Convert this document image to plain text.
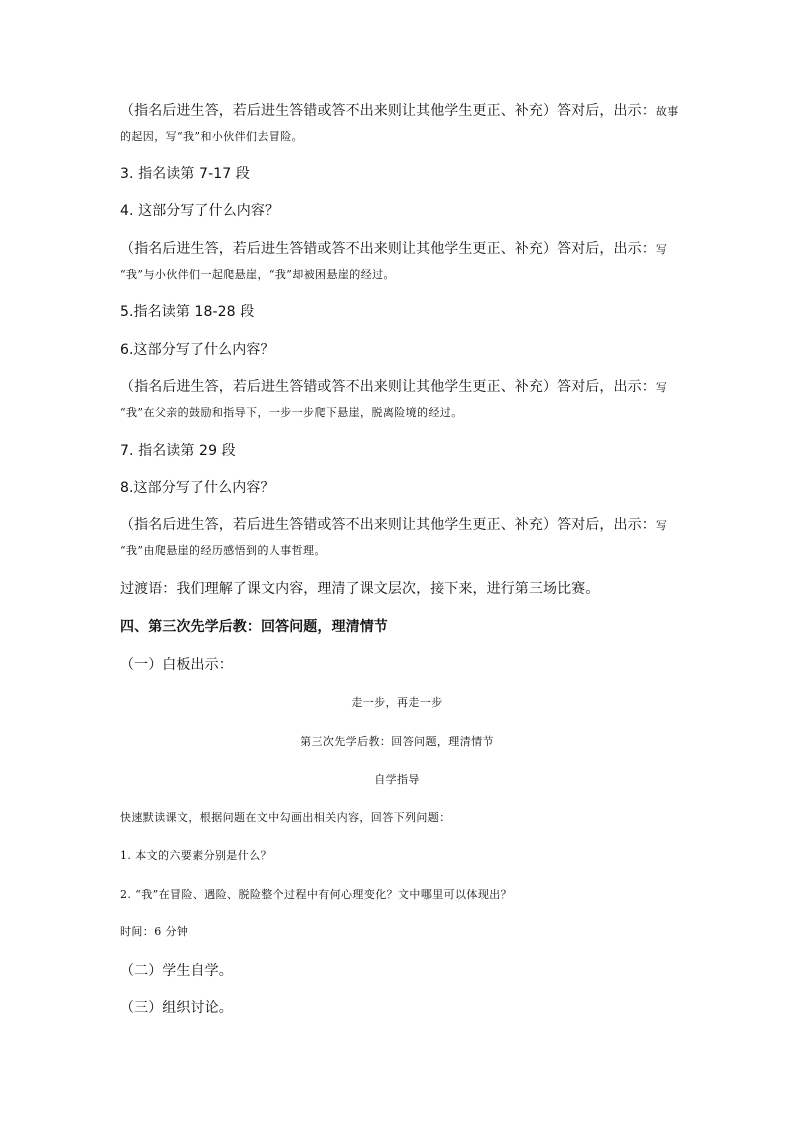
（指名后进生答，若后进生答错或答不出来则让其他学生更正、补充）答对后，出示：故事
的起因，写“我”和小伙伴们去冒险。
3. 指名读第 7-17 段
4. 这部分写了什么内容？
（指名后进生答，若后进生答错或答不出来则让其他学生更正、补充）答对后，出示：写
“我”与小伙伴们一起爬悬崖，“我”却被困悬崖的经过。
5.指名读第 18-28 段
6.这部分写了什么内容？
（指名后进生答，若后进生答错或答不出来则让其他学生更正、补充）答对后，出示：写
“我”在父亲的鼓励和指导下，一步一步爬下悬崖，脱离险境的经过。
7. 指名读第 29 段
8.这部分写了什么内容？
（指名后进生答，若后进生答错或答不出来则让其他学生更正、补充）答对后，出示：写
“我”由爬悬崖的经历感悟到的人事哲理。
过渡语：我们理解了课文内容，理清了课文层次，接下来，进行第三场比赛。
四、第三次先学后教：回答问题，理清情节
（一）白板出示：
走一步，再走一步
第三次先学后教：回答问题，理清情节
自学指导
快速默读课文，根据问题在文中勾画出相关内容，回答下列问题：
1. 本文的六要素分别是什么？
2. “我”在冒险、遇险、脱险整个过程中有何心理变化？文中哪里可以体现出？
时间：6 分钟
（二）学生自学。
（三）组织讨论。
